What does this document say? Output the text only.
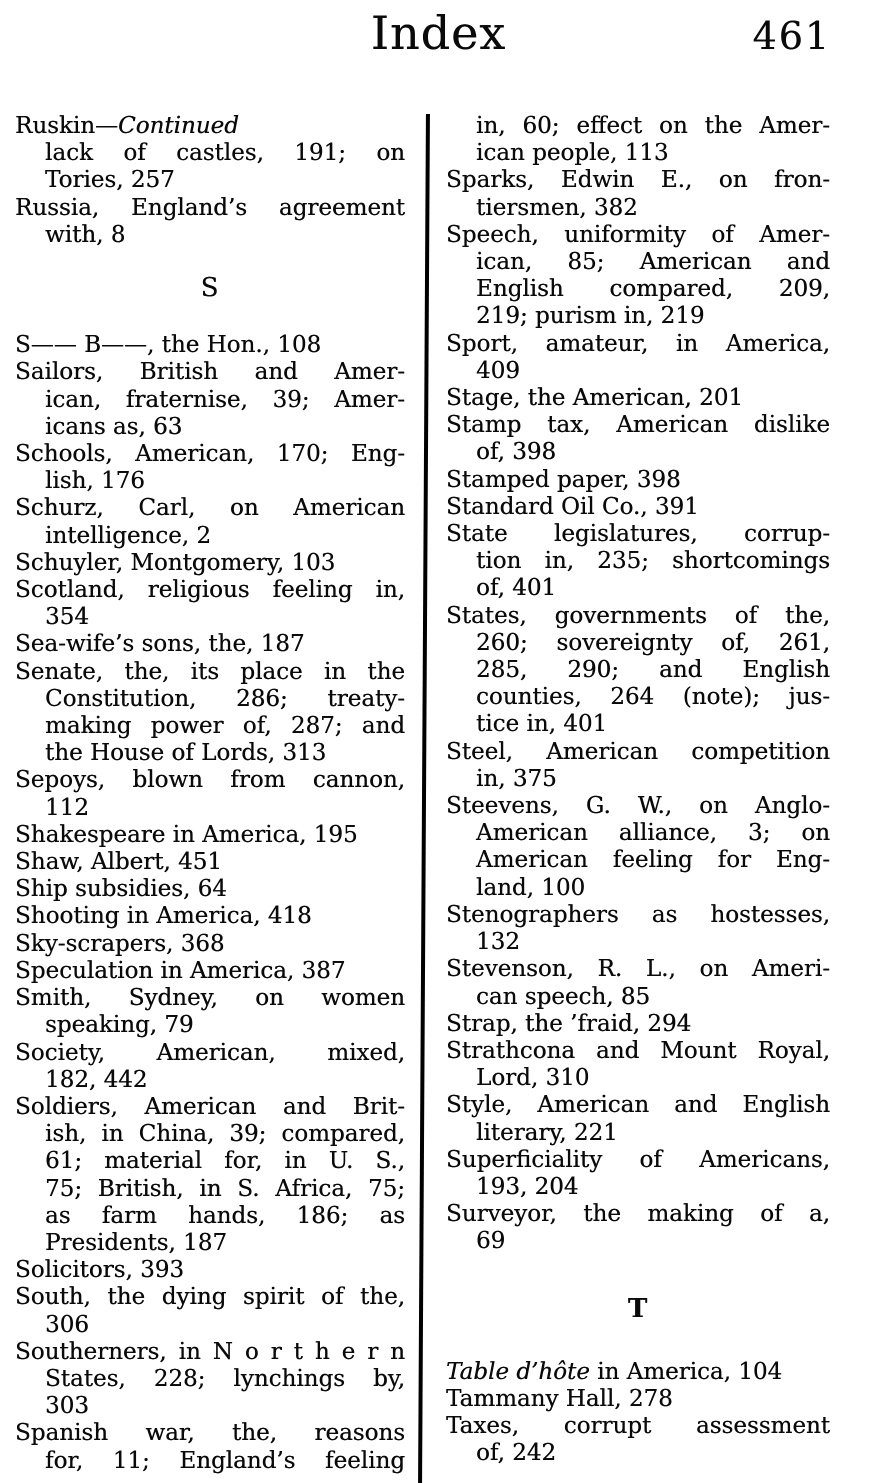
Index	461
Ruskin—Continued
lack of castles, 191; on
Tories, 257
Russia, England’s agreement
with, 8
S
S—— B——, the Hon., 108
Sailors, British and Amer-
ican, fraternise, 39; Amer-
icans as, 63
Schools, American, 170; Eng-
lish, 176
Schurz, Carl, on American
intelligence, 2
Schuyler, Montgomery, 103
Scotland, religious feeling in,
354
Sea-wife’s sons, the, 187
Senate, the, its place in the
Constitution, 286; treaty-
making power of, 287; and
the House of Lords, 313
Sepoys, blown from cannon,
112
Shakespeare in America, 195
Shaw, Albert, 451
Ship subsidies, 64
Shooting in America, 418
Sky-scrapers, 368
Speculation in America, 387
Smith, Sydney, on women
speaking, 79
Society, American, mixed,
182, 442
Soldiers, American and Brit-
ish, in China, 39; compared,
61; material for, in U. S.,
75; British, in S. Africa, 75;
as farm hands, 186; as
Presidents, 187
Solicitors, 393
South, the dying spirit of the,
306
Southerners, in N o r t h e r n
States, 228; lynchings by,
303
Spanish war, the, reasons
for, 11; England’s feeling
in, 60; effect on the Amer-
ican people, 113
Sparks, Edwin E., on fron-
tiersmen, 382
Speech, uniformity of Amer-
ican, 85; American and
English compared, 209,
219; purism in, 219
Sport, amateur, in America,
409
Stage, the American, 201
Stamp tax, American dislike
of, 398
Stamped paper, 398
Standard Oil Co., 391
State legislatures, corrup-
tion in, 235; shortcomings
of, 401
States, governments of the,
260; sovereignty of, 261,
285, 290; and English
counties, 264 (note); jus-
tice in, 401
Steel, American competition
in, 375
Steevens, G. W., on Anglo-
American alliance, 3; on
American feeling for Eng-
land, 100
Stenographers as hostesses,
132
Stevenson, R. L., on Ameri-
can speech, 85
Strap, the ’fraid, 294
Strathcona and Mount Royal,
Lord, 310
Style, American and English
literary, 221
Superficiality of Americans,
193, 204
Surveyor, the making of a,
69
T
Table d’hôte in America, 104
Tammany Hall, 278
Taxes, corrupt assessment
of, 242
